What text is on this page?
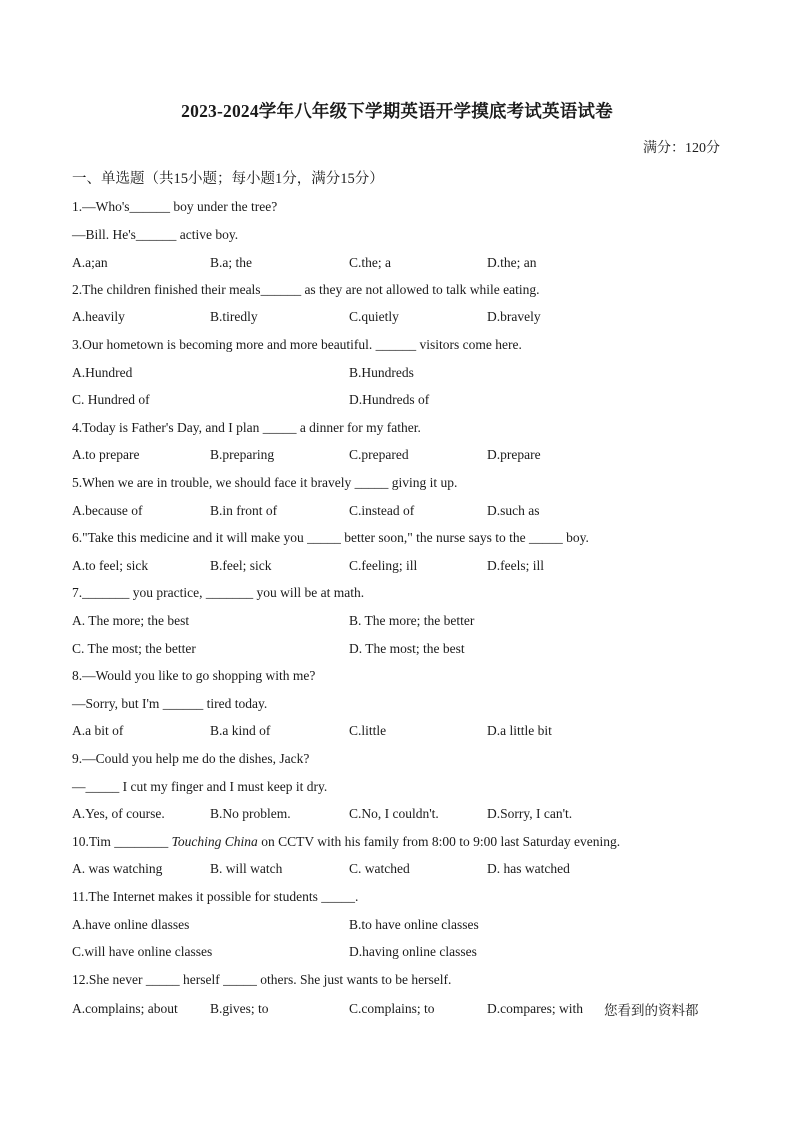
2023-2024学年八年级下学期英语开学摸底考试英语试卷
满分：120分
一、单选题（共15小题；每小题1分，满分15分）
1.—Who's______ boy under the tree?
—Bill. He's______ active boy.
A.a;an	B.a; the	C.the; a	D.the; an
2.The children finished their meals______ as they are not allowed to talk while eating.
A.heavily	B.tiredly	C.quietly	D.bravely
3.Our hometown is becoming more and more beautiful. ______ visitors come here.
A.Hundred	B.Hundreds
C. Hundred of	D.Hundreds of
4.Today is Father's Day, and I plan _____ a dinner for my father.
A.to prepare	B.preparing	C.prepared	D.prepare
5.When we are in trouble, we should face it bravely _____ giving it up.
A.because of	B.in front of	C.instead of	D.such as
6."Take this medicine and it will make you _____ better soon," the nurse says to the _____ boy.
A.to feel; sick	B.feel; sick	C.feeling; ill	D.feels; ill
7._______ you practice, _______ you will be at math.
A. The more; the best	B. The more; the better
C. The most; the better	D. The most; the best
8.—Would you like to go shopping with me?
—Sorry, but I'm ______ tired today.
A.a bit of	B.a kind of	C.little	D.a little bit
9.—Could you help me do the dishes, Jack?
—_____ I cut my finger and I must keep it dry.
A.Yes, of course.	B.No problem.	C.No, I couldn't.	D.Sorry, I can't.
10.Tim ________ Touching China on CCTV with his family from 8:00 to 9:00 last Saturday evening.
A. was watching	B. will watch	C. watched	D. has watched
11.The Internet makes it possible for students _____.
A.have online dlasses	B.to have online classes
C.will have online classes	D.having online classes
12.She never _____ herself _____ others. She just wants to be herself.
A.complains; about B.gives; to	C.complains; to	D.compares; with 您看到的资料都
